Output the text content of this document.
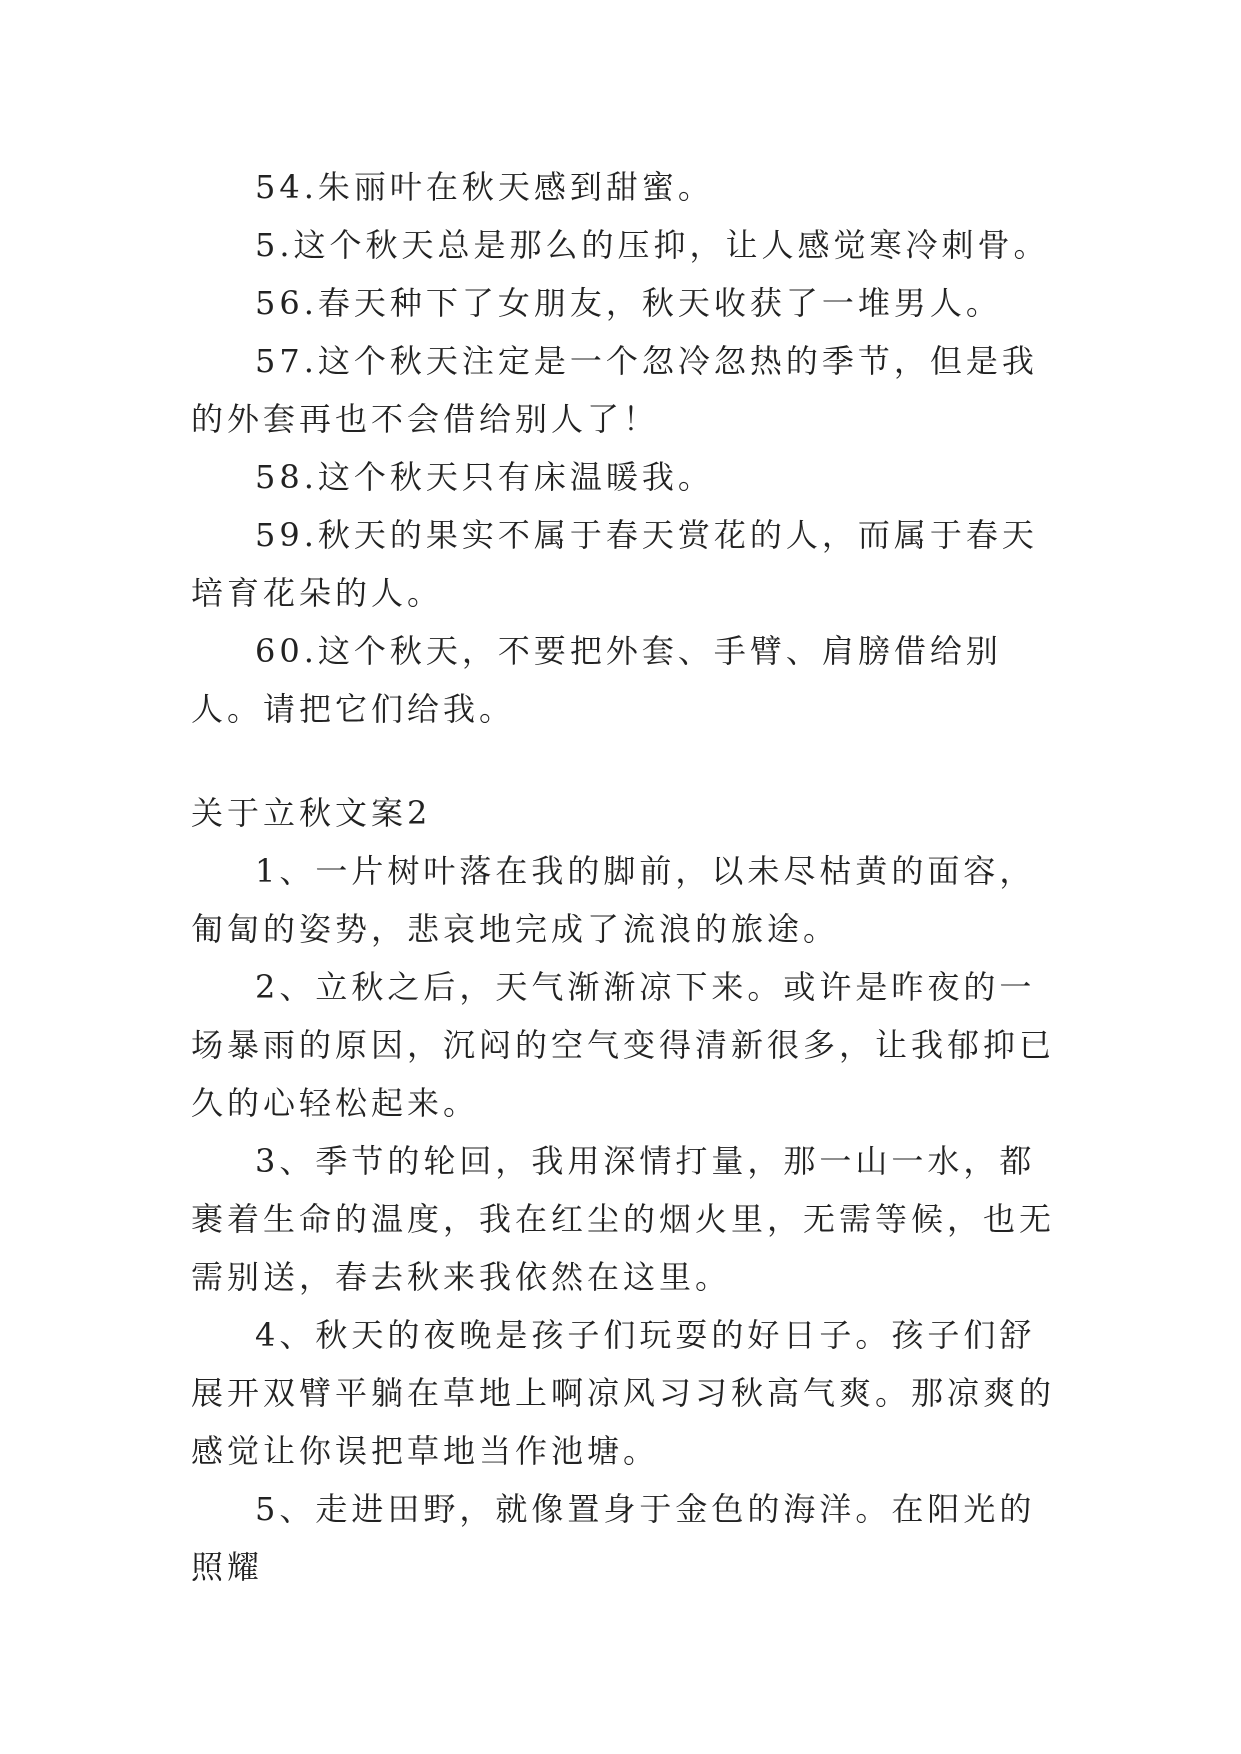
54.朱丽叶在秋天感到甜蜜。

5.这个秋天总是那么的压抑，让人感觉寒冷刺骨。

56.春天种下了女朋友，秋天收获了一堆男人。

57.这个秋天注定是一个忽冷忽热的季节，但是我的外套再也不会借给别人了！

58.这个秋天只有床温暖我。

59.秋天的果实不属于春天赏花的人，而属于春天培育花朵的人。

60.这个秋天，不要把外套、手臂、肩膀借给别人。请把它们给我。

关于立秋文案2

1、一片树叶落在我的脚前，以未尽枯黄的面容，匍匐的姿势，悲哀地完成了流浪的旅途。

2、立秋之后，天气渐渐凉下来。或许是昨夜的一场暴雨的原因，沉闷的空气变得清新很多，让我郁抑已久的心轻松起来。

3、季节的轮回，我用深情打量，那一山一水，都裹着生命的温度，我在红尘的烟火里，无需等候，也无需别送，春去秋来我依然在这里。

4、秋天的夜晚是孩子们玩耍的好日子。孩子们舒展开双臂平躺在草地上啊凉风习习秋高气爽。那凉爽的感觉让你误把草地当作池塘。

5、走进田野，就像置身于金色的海洋。在阳光的照耀
